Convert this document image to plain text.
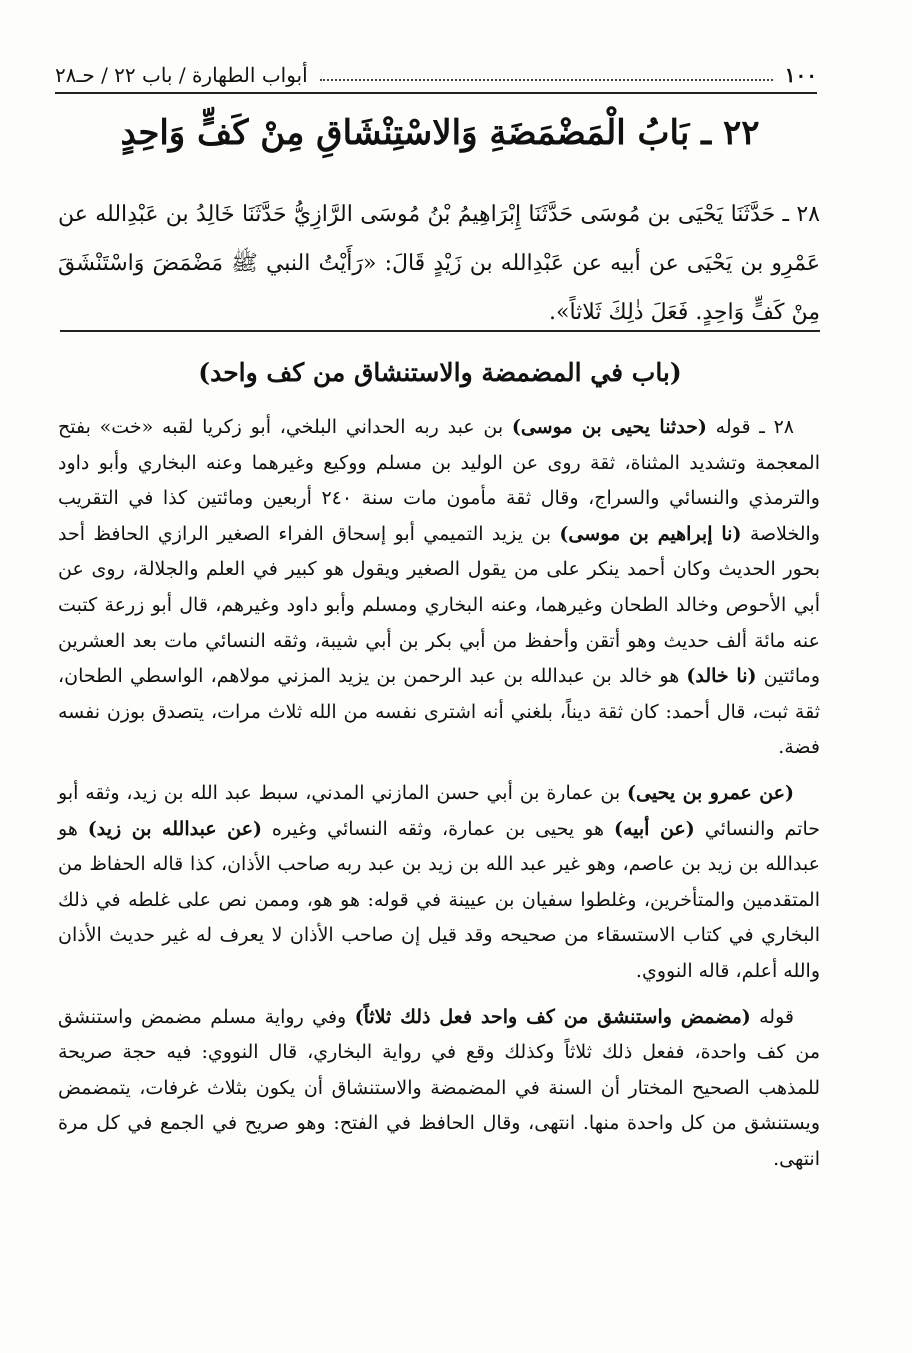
١٠٠
أبواب الطهارة / باب ٢٢ / حـ٢٨
٢٢ ـ بَابُ الْمَضْمَضَةِ وَالاسْتِنْشَاقِ مِنْ كَفٍّ وَاحِدٍ
٢٨ ـ حَدَّثَنَا يَحْيَى بن مُوسَى حَدَّثَنَا إِبْرَاهِيمُ بْنُ مُوسَى الرَّازِيُّ حَدَّثَنَا خَالِدُ بن عَبْدِالله عن عَمْرِو بن يَحْيَى عن أبيه عن عَبْدِالله بن زَيْدٍ قَالَ: «رَأَيْتُ النبي ﷺ مَضْمَضَ وَاسْتَنْشَقَ مِنْ كَفٍّ وَاحِدٍ. فَعَلَ ذٰلِكَ ثَلاثاً».
(باب في المضمضة والاستنشاق من كف واحد)

٢٨ ـ قوله (حدثنا يحيى بن موسى) بن عبد ربه الحداني البلخي، أبو زكريا لقبه «خت» بفتح المعجمة وتشديد المثناة، ثقة روى عن الوليد بن مسلم ووكيع وغيرهما وعنه البخاري وأبو داود والترمذي والنسائي والسراج، وقال ثقة مأمون مات سنة ٢٤٠ أربعين ومائتين كذا في التقريب والخلاصة (نا إبراهيم بن موسى) بن يزيد التميمي أبو إسحاق الفراء الصغير الرازي الحافظ أحد بحور الحديث وكان أحمد ينكر على من يقول الصغير ويقول هو كبير في العلم والجلالة، روى عن أبي الأحوص وخالد الطحان وغيرهما، وعنه البخاري ومسلم وأبو داود وغيرهم، قال أبو زرعة كتبت عنه مائة ألف حديث وهو أتقن وأحفظ من أبي بكر بن أبي شيبة، وثقه النسائي مات بعد العشرين ومائتين (نا خالد) هو خالد بن عبدالله بن عبد الرحمن بن يزيد المزني مولاهم، الواسطي الطحان، ثقة ثبت، قال أحمد: كان ثقة ديناً، بلغني أنه اشترى نفسه من الله ثلاث مرات، يتصدق بوزن نفسه فضة.

(عن عمرو بن يحيى) بن عمارة بن أبي حسن المازني المدني، سبط عبد الله بن زيد، وثقه أبو حاتم والنسائي (عن أبيه) هو يحيى بن عمارة، وثقه النسائي وغيره (عن عبدالله بن زيد) هو عبدالله بن زيد بن عاصم، وهو غير عبد الله بن زيد بن عبد ربه صاحب الأذان، كذا قاله الحفاظ من المتقدمين والمتأخرين، وغلطوا سفيان بن عيينة في قوله: هو هو، وممن نص على غلطه في ذلك البخاري في كتاب الاستسقاء من صحيحه وقد قيل إن صاحب الأذان لا يعرف له غير حديث الأذان والله أعلم، قاله النووي.

قوله (مضمض واستنشق من كف واحد فعل ذلك ثلاثاً) وفي رواية مسلم مضمض واستنشق من كف واحدة، ففعل ذلك ثلاثاً وكذلك وقع في رواية البخاري، قال النووي: فيه حجة صريحة للمذهب الصحيح المختار أن السنة في المضمضة والاستنشاق أن يكون بثلاث غرفات، يتمضمض ويستنشق من كل واحدة منها. انتهى، وقال الحافظ في الفتح: وهو صريح في الجمع في كل مرة انتهى.
